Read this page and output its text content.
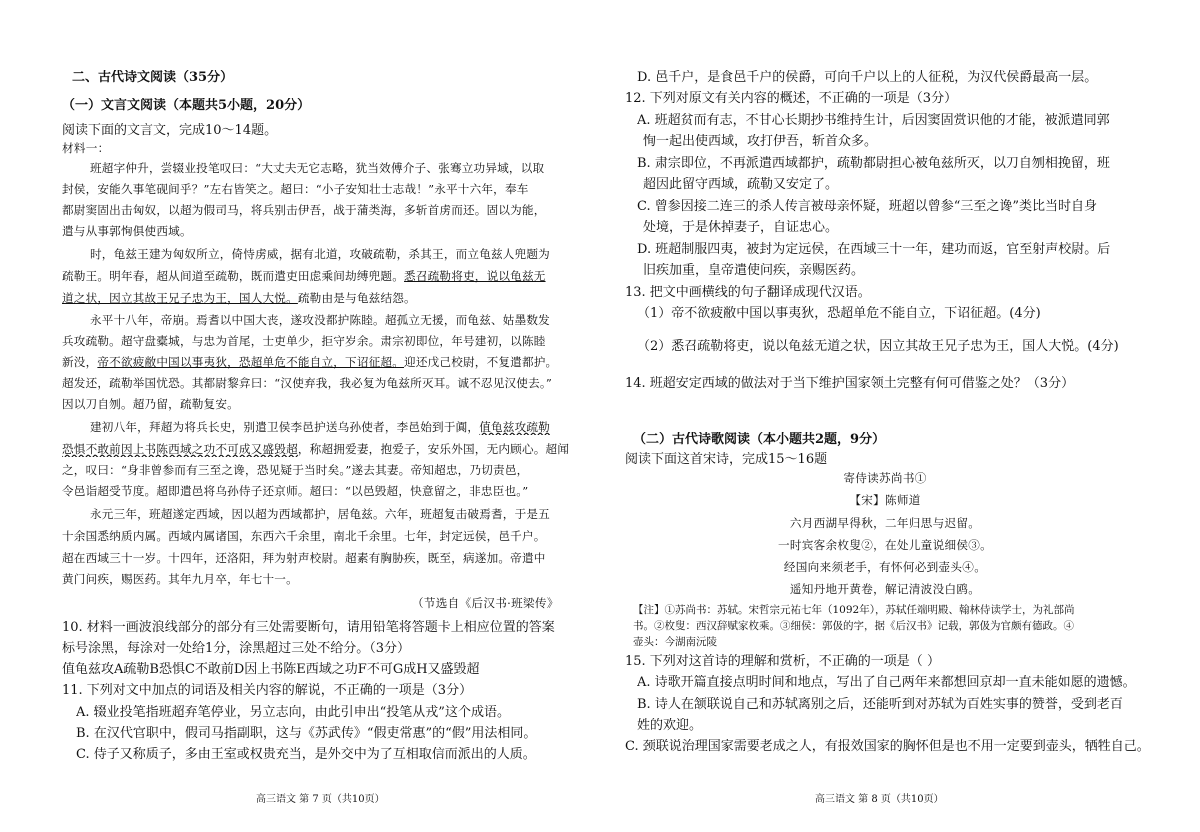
二、古代诗文阅读（35分）
（一）文言文阅读（本题共5小题，20分）
阅读下面的文言文，完成10～14题。
材料一：
班超字仲升，尝辍业投笔叹曰：“大丈夫无它志略，犹当效傅介子、张骞立功异域，以取
封侯，安能久事笔砚间乎？”左右皆笑之。超曰：“小子安知壮士志哉！”永平十六年，奉车
都尉窦固出击匈奴，以超为假司马，将兵别击伊吾，战于蒲类海，多斩首虏而还。固以为能，
遣与从事郭恂俱使西域。
时，龟兹王建为匈奴所立，倚恃虏威，据有北道，攻破疏勒，杀其王，而立龟兹人兜题为
疏勒王。明年春，超从间道至疏勒，既而遣吏田虑乘间劫缚兜题。悉召疏勒将吏，说以龟兹无
道之状，因立其故王兄子忠为王，国人大悦。疏勒由是与龟兹结怨。
永平十八年，帝崩。焉耆以中国大丧，遂攻没都护陈睦。超孤立无援，而龟兹、姑墨数发
兵攻疏勒。超守盘橐城，与忠为首尾，士吏单少，拒守岁余。肃宗初即位，年号建初，以陈睦
新没，帝不欲疲敝中国以事夷狄，恐超单危不能自立，下诏征超。迎还戊己校尉，不复遣都护。
超发还，疏勒举国忧恐。其都尉黎弇曰：“汉使弃我，我必复为龟兹所灭耳。诚不忍见汉使去。”
因以刀自刎。超乃留，疏勒复安。
建初八年，拜超为将兵长史，别遣卫侯李邑护送乌孙使者，李邑始到于阗，值龟兹攻疏勒
恐惧不敢前因上书陈西域之功不可成又盛毁超，称超拥爱妻，抱爱子，安乐外国，无内顾心。超闻
之，叹曰：“身非曾参而有三至之谗，恐见疑于当时矣。”遂去其妻。帝知超忠，乃切责邑，
令邑诣超受节度。超即遣邑将乌孙侍子还京师。超曰：“以邑毁超，快意留之，非忠臣也。”
永元三年，班超遂定西域，因以超为西域都护，居龟兹。六年，班超复击破焉耆，于是五
十余国悉纳质内属。西域内属诸国，东西六千余里，南北千余里。七年，封定远侯，邑千户。
超在西域三十一岁。十四年，还洛阳，拜为射声校尉。超素有胸胁疾，既至，病遂加。帝遣中
黄门问疾，赐医药。其年九月卒，年七十一。
（节选自《后汉书·班梁传》
10. 材料一画波浪线部分的部分有三处需要断句，请用铅笔将答题卡上相应位置的答案
标号涂黑，每涂对一处给1分，涂黑超过三处不给分。（3分）
值龟兹攻A疏勒B恐惧C不敢前D因上书陈E西域之功F不可G成H又盛毁超
11. 下列对文中加点的词语及相关内容的解说，不正确的一项是（3分）
A. 辍业投笔指班超弃笔停业，另立志向，由此引申出“投笔从戎”这个成语。
B. 在汉代官职中，假司马指副职，这与《苏武传》“假吏常惠”的“假”用法相同。
C. 侍子又称质子，多由王室或权贵充当，是外交中为了互相取信而派出的人质。
高三语文 第 7 页（共10页）
D. 邑千户，是食邑千户的侯爵，可向千户以上的人征税，为汉代侯爵最高一层。
12. 下列对原文有关内容的概述，不正确的一项是（3分）
A. 班超贫而有志，不甘心长期抄书维持生计，后因窦固赏识他的才能，被派遣同郭
恂一起出使西域，攻打伊吾，斩首众多。
B. 肃宗即位，不再派遣西域都护，疏勒都尉担心被龟兹所灭，以刀自刎相挽留，班
超因此留守西域，疏勒又安定了。
C. 曾参因接二连三的杀人传言被母亲怀疑，班超以曾参“三至之谗”类比当时自身
处境，于是休掉妻子，自证忠心。
D. 班超制服四夷，被封为定远侯，在西域三十一年，建功而返，官至射声校尉。后
旧疾加重，皇帝遣使问疾，亲赐医药。
13. 把文中画横线的句子翻译成现代汉语。
（1）帝不欲疲敝中国以事夷狄，恐超单危不能自立，下诏征超。(4分)
（2）悉召疏勒将吏，说以龟兹无道之状，因立其故王兄子忠为王，国人大悦。(4分)
14. 班超安定西域的做法对于当下维护国家领土完整有何可借鉴之处？（3分）
（二）古代诗歌阅读（本小题共2题，9分）
阅读下面这首宋诗，完成15～16题
寄侍读苏尚书①
【宋】陈师道
六月西湖早得秋，二年归思与迟留。
一时宾客余枚叟②，在处儿童说细侯③。
经国向来须老手，有怀何必到壶头④。
遥知丹地开黄卷，解记清波没白鸥。
【注】①苏尚书：苏轼。宋哲宗元祐七年（1092年），苏轼任端明殿、翰林侍读学士，为礼部尚
书。②枚叟：西汉辞赋家枚乘。③细侯：郭伋的字，据《后汉书》记载，郭伋为官颇有德政。④
壶头：今湖南沅陵
15. 下列对这首诗的理解和赏析，不正确的一项是（ ）
A. 诗歌开篇直接点明时间和地点，写出了自己两年来都想回京却一直未能如愿的遗憾。
B. 诗人在颔联说自己和苏轼离别之后，还能听到对苏轼为百姓实事的赞誉，受到老百
姓的欢迎。
C. 颈联说治理国家需要老成之人，有报效国家的胸怀但是也不用一定要到壶头，牺牲自己。
高三语文 第 8 页（共10页）
